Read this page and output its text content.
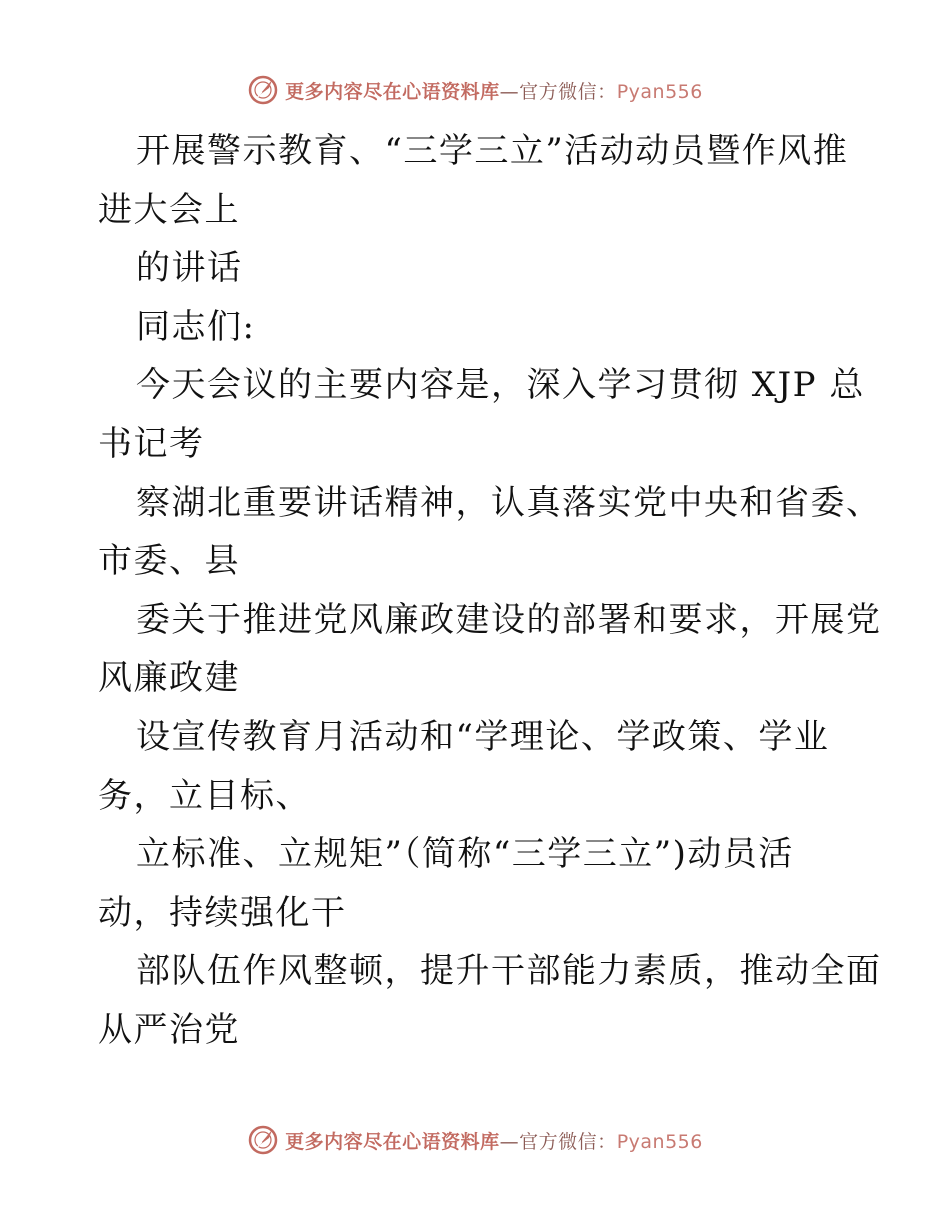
更多内容尽在心语资料库—官方微信：Pyan556
开展警示教育、“三学三立”活动动员暨作风推
进大会上
的讲话
同志们:
今天会议的主要内容是，深入学习贯彻 XJP 总
书记考
察湖北重要讲话精神，认真落实党中央和省委、
市委、县
委关于推进党风廉政建设的部署和要求，开展党
风廉政建
设宣传教育月活动和“学理论、学政策、学业
务，立目标、
立标准、立规矩”（简称“三学三立”)动员活
动，持续强化干
部队伍作风整顿，提升干部能力素质，推动全面
从严治党
更多内容尽在心语资料库—官方微信：Pyan556
